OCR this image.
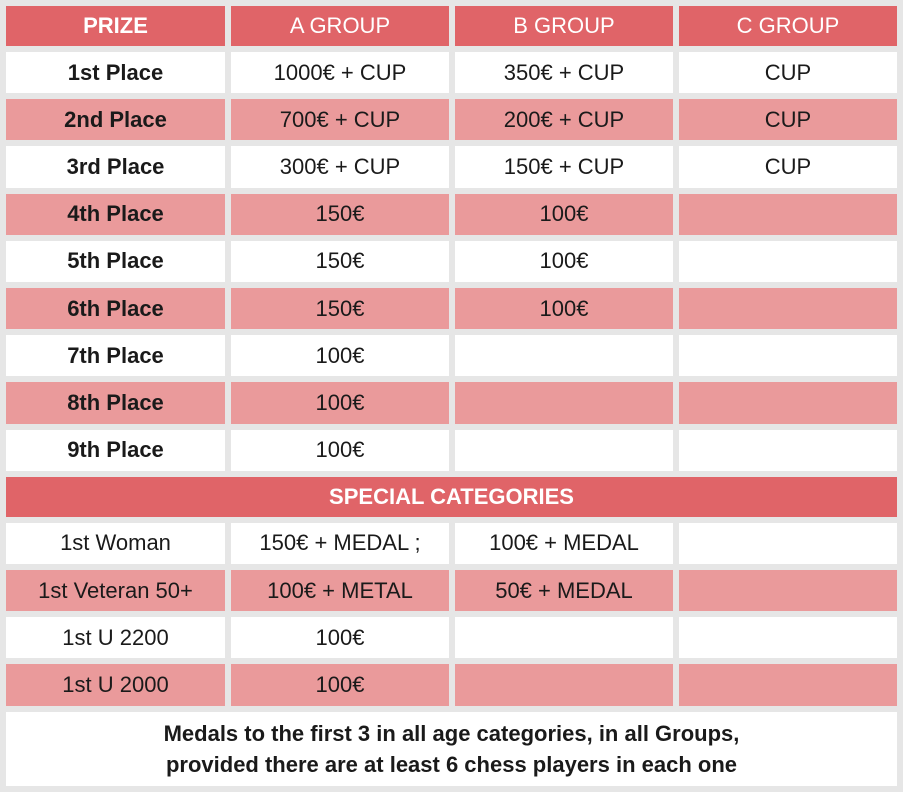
PRIZE	A GROUP	B GROUP	C GROUP
1st Place	1000€ + CUP	350€ + CUP	CUP
2nd Place	700€ + CUP	200€ + CUP	CUP
3rd Place	300€ + CUP	150€ + CUP	CUP
4th Place	150€	100€	
5th Place	150€	100€	
6th Place	150€	100€	
7th Place	100€		
8th Place	100€		
9th Place	100€		
SPECIAL CATEGORIES			
1st Woman	150€ + MEDAL ;	100€ + MEDAL	
1st Veteran 50+	100€ + METAL	50€ + MEDAL	
1st U 2200	100€		
1st U 2000	100€		

Medals to the first 3 in all age categories, in all Groups,
provided there are at least 6 chess players in each one			
